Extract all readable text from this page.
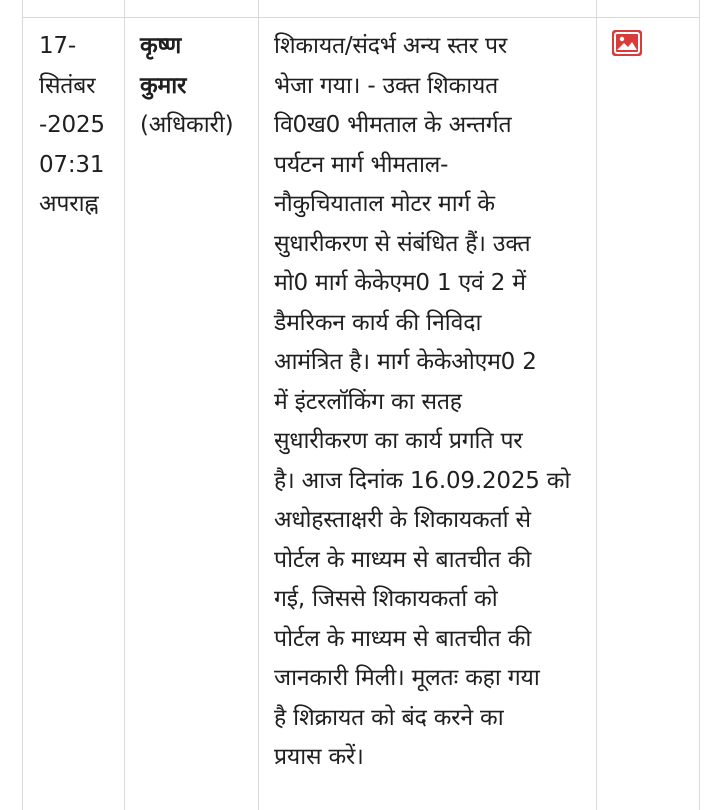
17-
सितंबर
-2025
07:31
अपराह्न
कृष्ण
कुमार
(अधिकारी)
शिकायत/संदर्भ अन्य स्तर पर
भेजा गया। - उक्त शिकायत
वि0ख0 भीमताल के अन्तर्गत
पर्यटन मार्ग भीमताल-
नौकुचियाताल मोटर मार्ग के
सुधारीकरण से संबंधित हैं। उक्त
मो0 मार्ग केकेएम0 1 एवं 2 में
डैमरिकन कार्य की निविदा
आमंत्रित है। मार्ग केकेओएम0 2
में इंटरलॉकिंग का सतह
सुधारीकरण का कार्य प्रगति पर
है। आज दिनांक 16.09.2025 को
अधोहस्ताक्षरी के शिकायकर्ता से
पोर्टल के माध्यम से बातचीत की
गई, जिससे शिकायकर्ता को
पोर्टल के माध्यम से बातचीत की
जानकारी मिली। मूलतः कहा गया
है शिक्रायत को बंद करने का
प्रयास करें।
